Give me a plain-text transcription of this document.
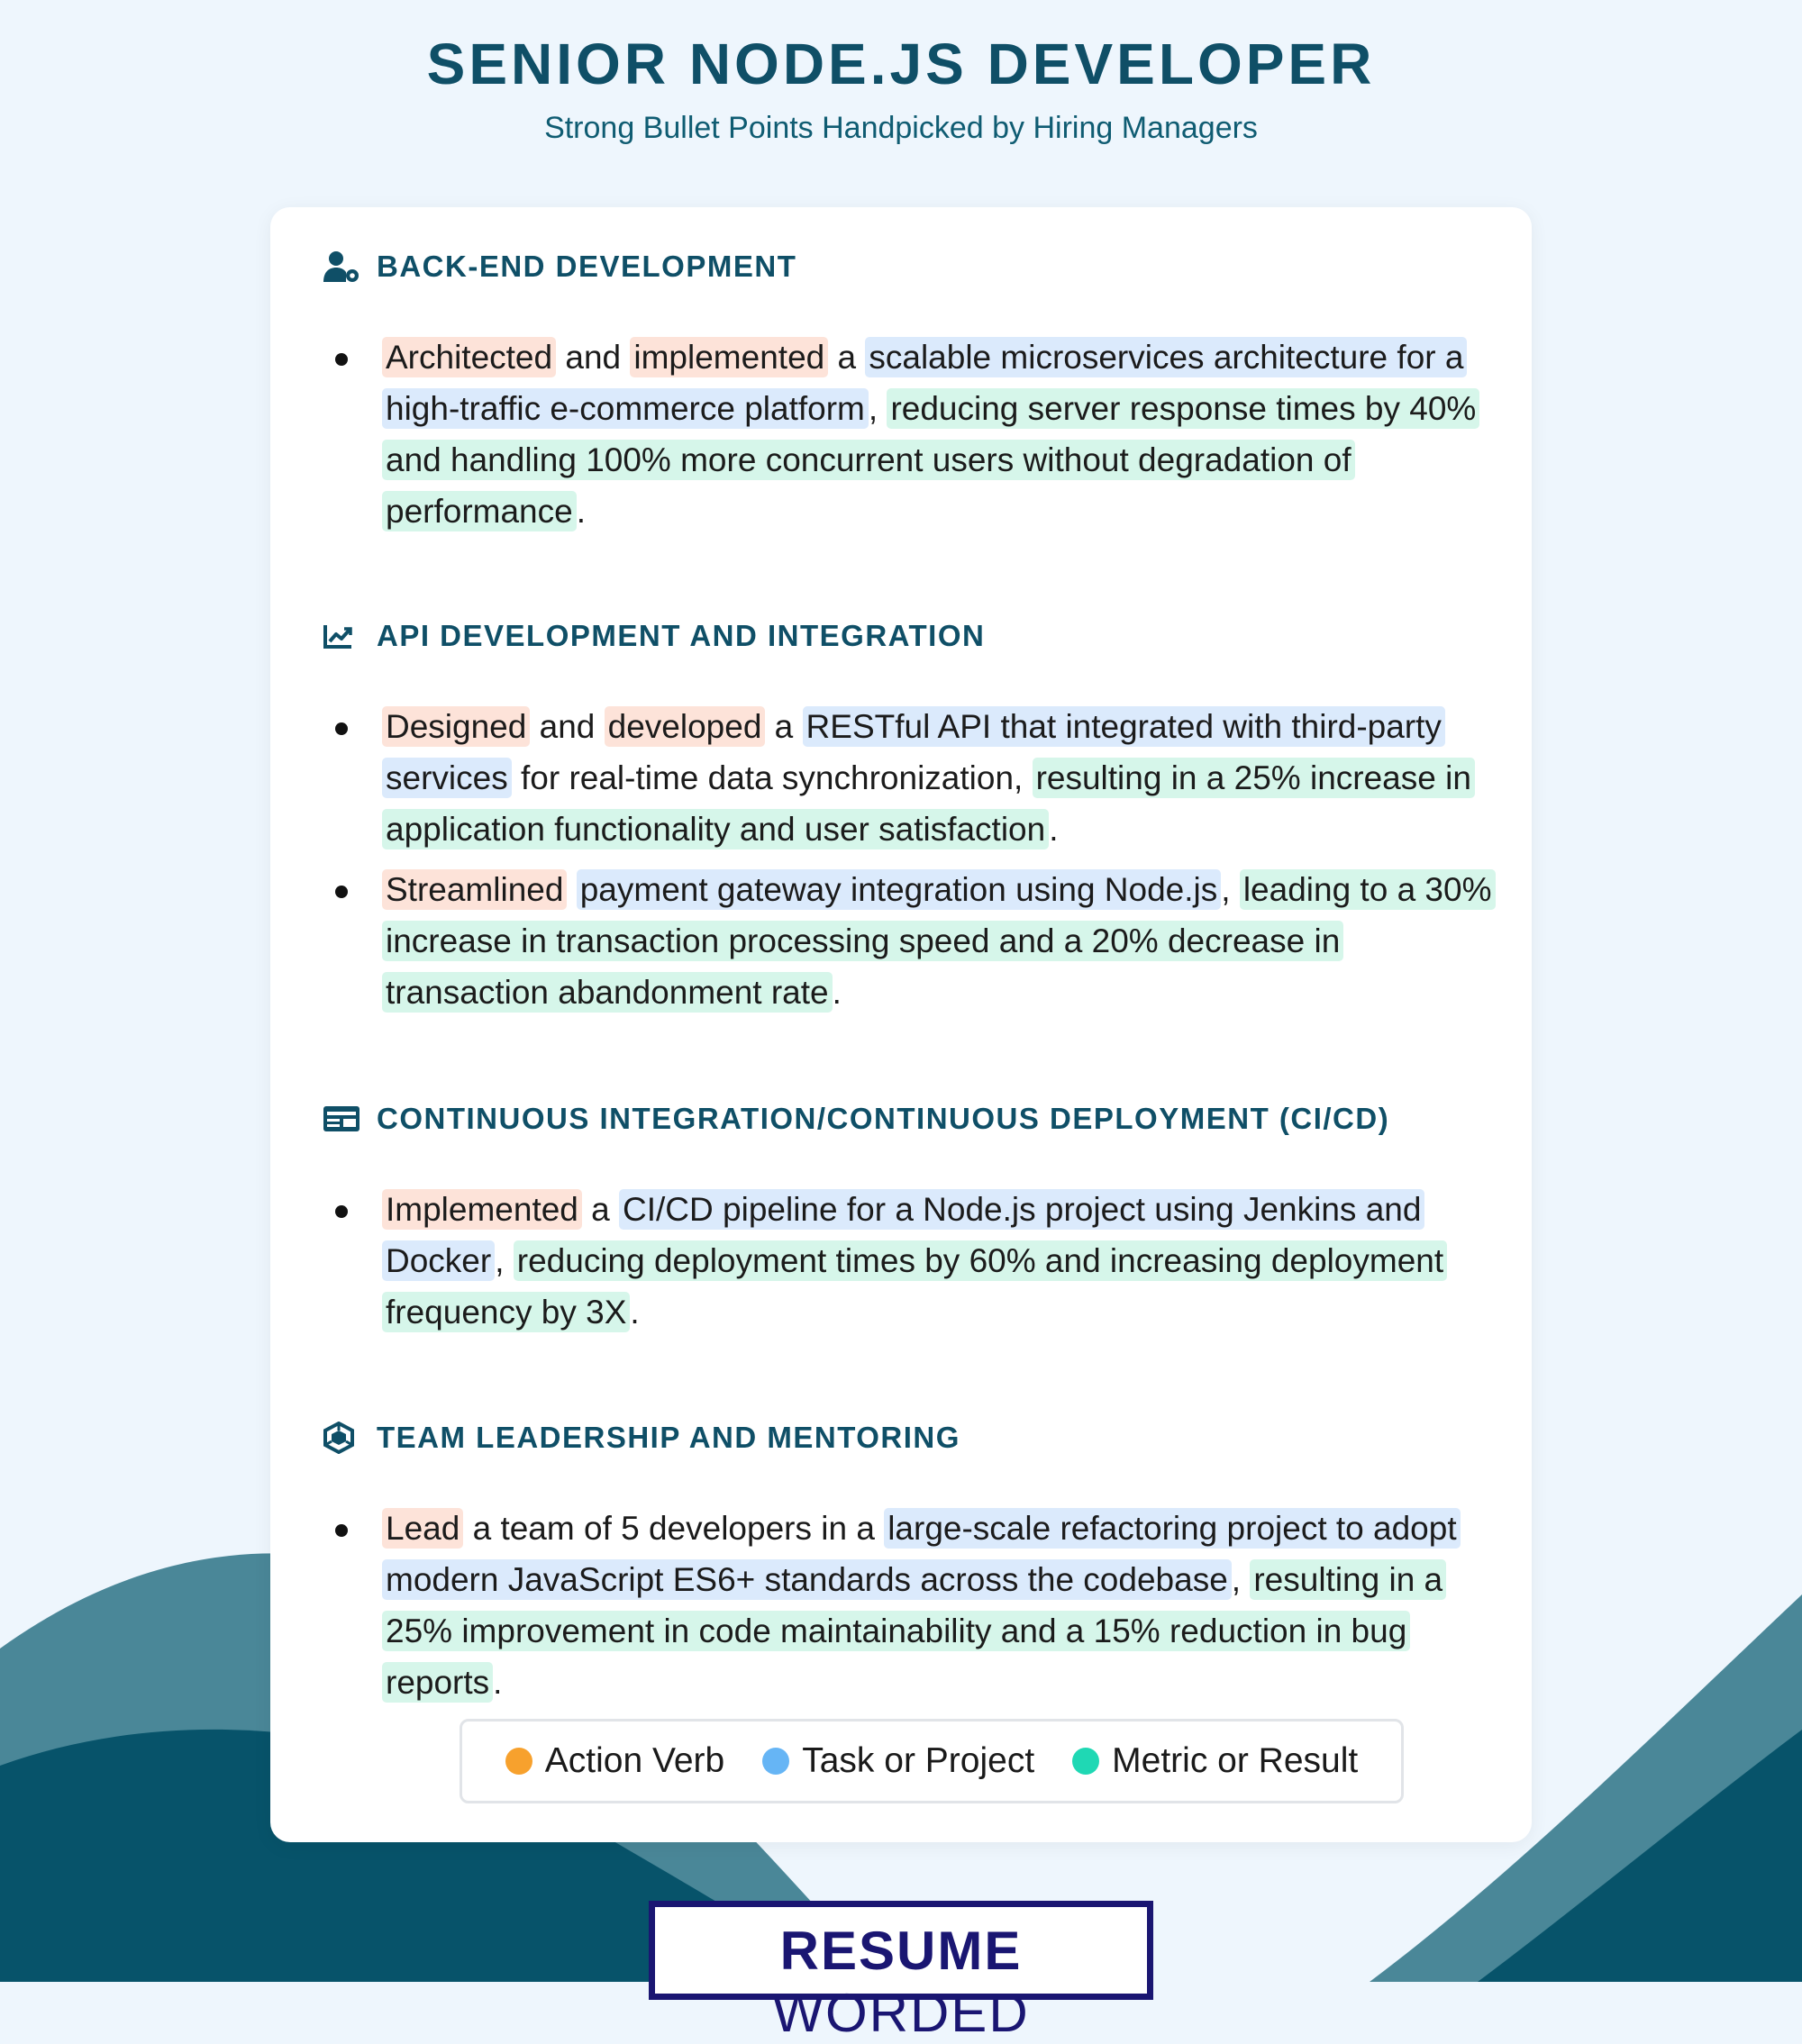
SENIOR NODE.JS DEVELOPER
Strong Bullet Points Handpicked by Hiring Managers
BACK-END DEVELOPMENT
Architected and implemented a scalable microservices architecture for a high-traffic e-commerce platform , reducing server response times by 40% and handling 100% more concurrent users without degradation of performance .
API DEVELOPMENT AND INTEGRATION
Designed and developed a RESTful API that integrated with third-party services for real-time data synchronization, resulting in a 25% increase in application functionality and user satisfaction .
Streamlined payment gateway integration using Node.js , leading to a 30% increase in transaction processing speed and a 20% decrease in transaction abandonment rate .
CONTINUOUS INTEGRATION/CONTINUOUS DEPLOYMENT (CI/CD)
Implemented a CI/CD pipeline for a Node.js project using Jenkins and Docker , reducing deployment times by 60% and increasing deployment frequency by 3X .
TEAM LEADERSHIP AND MENTORING
Lead a team of 5 developers in a large-scale refactoring project to adopt modern JavaScript ES6+ standards across the codebase , resulting in a 25% improvement in code maintainability and a 15% reduction in bug reports .
Action Verb Task or Project Metric or Result
RESUME WORDED
